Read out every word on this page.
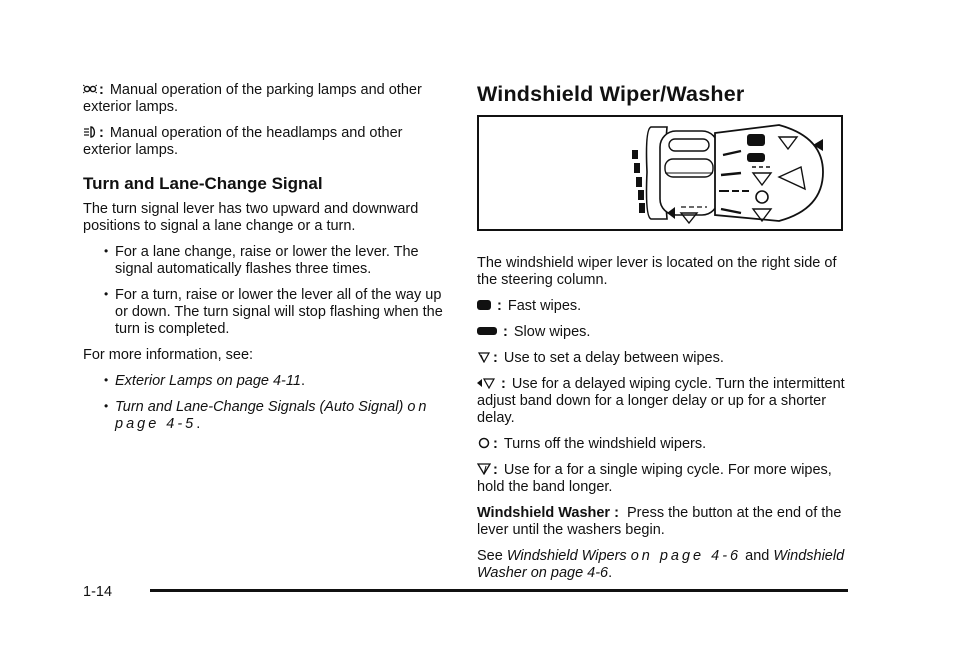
: Manual operation of the parking lamps and other exterior lamps.

: Manual operation of the headlamps and other exterior lamps.

Turn and Lane-Change Signal

The turn signal lever has two upward and downward positions to signal a lane change or a turn.

• For a lane change, raise or lower the lever. The signal automatically flashes three times.
• For a turn, raise or lower the lever all of the way up or down. The turn signal will stop flashing when the turn is completed.

For more information, see:

• Exterior Lamps on page 4-11.
• Turn and Lane-Change Signals (Auto Signal) on page 4-5.
Windshield Wiper/Washer

The windshield wiper lever is located on the right side of the steering column.

: Fast wipes.

: Slow wipes.

: Use to set a delay between wipes.

: Use for a delayed wiping cycle. Turn the intermittent adjust band down for a longer delay or up for a shorter delay.

: Turns off the windshield wipers.

: Use for a for a single wiping cycle. For more wipes, hold the band longer.

Windshield Washer : Press the button at the end of the lever until the washers begin.

See Windshield Wipers on page 4-6 and Windshield Washer on page 4-6.

1-14
